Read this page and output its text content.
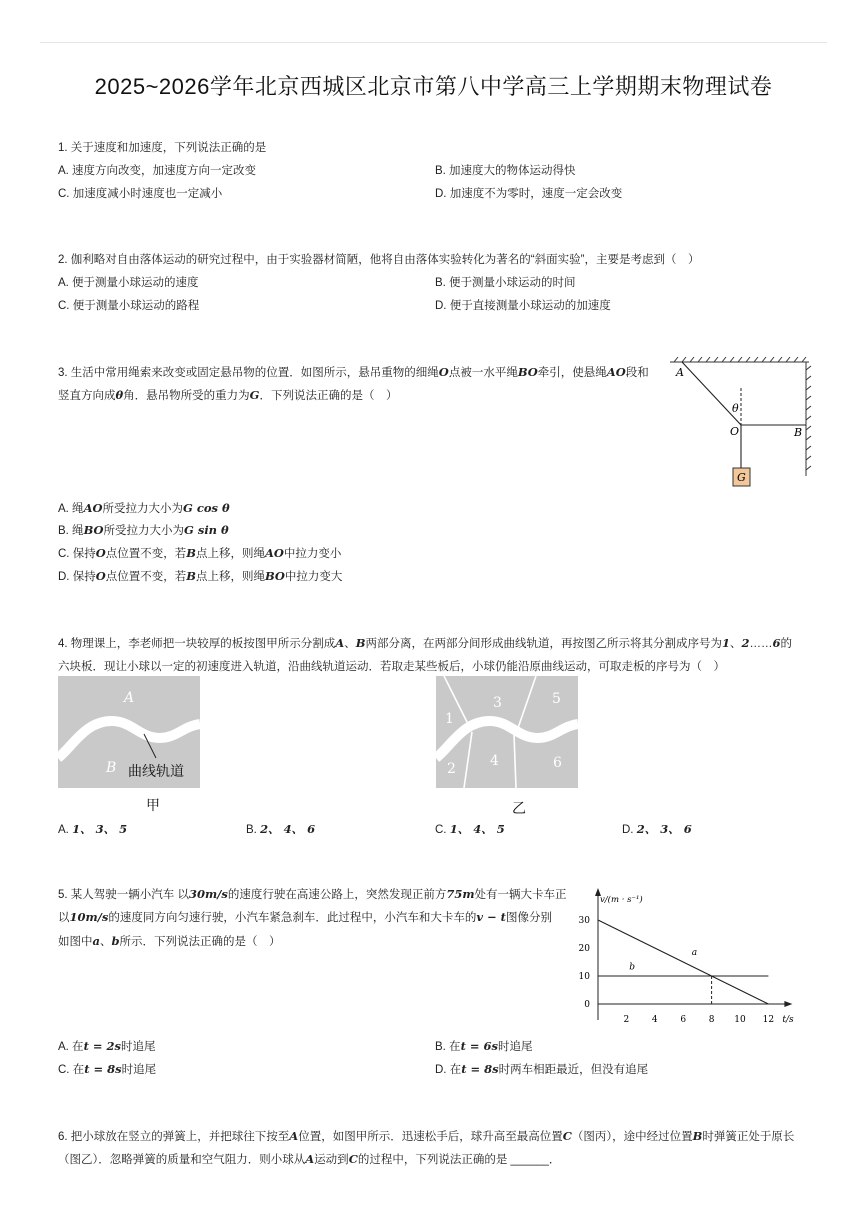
2025~2026学年北京西城区北京市第八中学高三上学期期末物理试卷
1. 关于速度和加速度，下列说法正确的是
A. 速度方向改变，加速度方向一定改变	B. 加速度大的物体运动得快
C. 加速度减小时速度也一定减小	D. 加速度不为零时，速度一定会改变
2. 伽利略对自由落体运动的研究过程中，由于实验器材简陋，他将自由落体实验转化为著名的“斜面实验”，主要是考虑到（　）
A. 便于测量小球运动的速度	B. 便于测量小球运动的时间
C. 便于测量小球运动的路程	D. 便于直接测量小球运动的加速度
3. 生活中常用绳索来改变或固定悬吊物的位置．如图所示，悬吊重物的细绳O点被一水平绳BO牵引，使悬绳AO段和
竖直方向成θ角．悬吊物所受的重力为G．下列说法正确的是（　）
A
θ
O	B
G
A. 绳AO所受拉力大小为G cos θ
B. 绳BO所受拉力大小为G sin θ
C. 保持O点位置不变，若B点上移，则绳AO中拉力变小
D. 保持O点位置不变，若B点上移，则绳BO中拉力变大
4. 物理课上，李老师把一块较厚的板按图甲所示分割成A、B两部分离，在两部分间形成曲线轨道，再按图乙所示将其分割成序号为1、2……6的
六块板．现让小球以一定的初速度进入轨道，沿曲线轨道运动．若取走某些板后，小球仍能沿原曲线运动，可取走板的序号为（　）
A
B 曲线轨道
甲
1
2
3
4
5
6
乙
A. 1、 3、 5	B. 2、 4、 6	C. 1、 4、 5	D. 2、 3、 6
5. 某人驾驶一辆小汽车 以30m/s的速度行驶在高速公路上，突然发现正前方75m处有一辆大卡车正
以10m/s的速度同方向匀速行驶，小汽车紧急刹车．此过程中，小汽车和大卡车的v − t图像分别
如图中a、b所示．下列说法正确的是（　）
2	4	6	8 10 12
0
10
20
30
v/(m · s⁻¹)
t/s
a
b
A. 在t = 2s时追尾	B. 在t = 6s时追尾
C. 在t = 8s时追尾	D. 在t = 8s时两车相距最近，但没有追尾
6. 把小球放在竖立的弹簧上，并把球往下按至A位置，如图甲所示．迅速松手后，球升高至最高位置C（图丙），途中经过位置B时弹簧正处于原长
（图乙）．忽略弹簧的质量和空气阻力．则小球从A运动到C的过程中，下列说法正确的是 ______．
